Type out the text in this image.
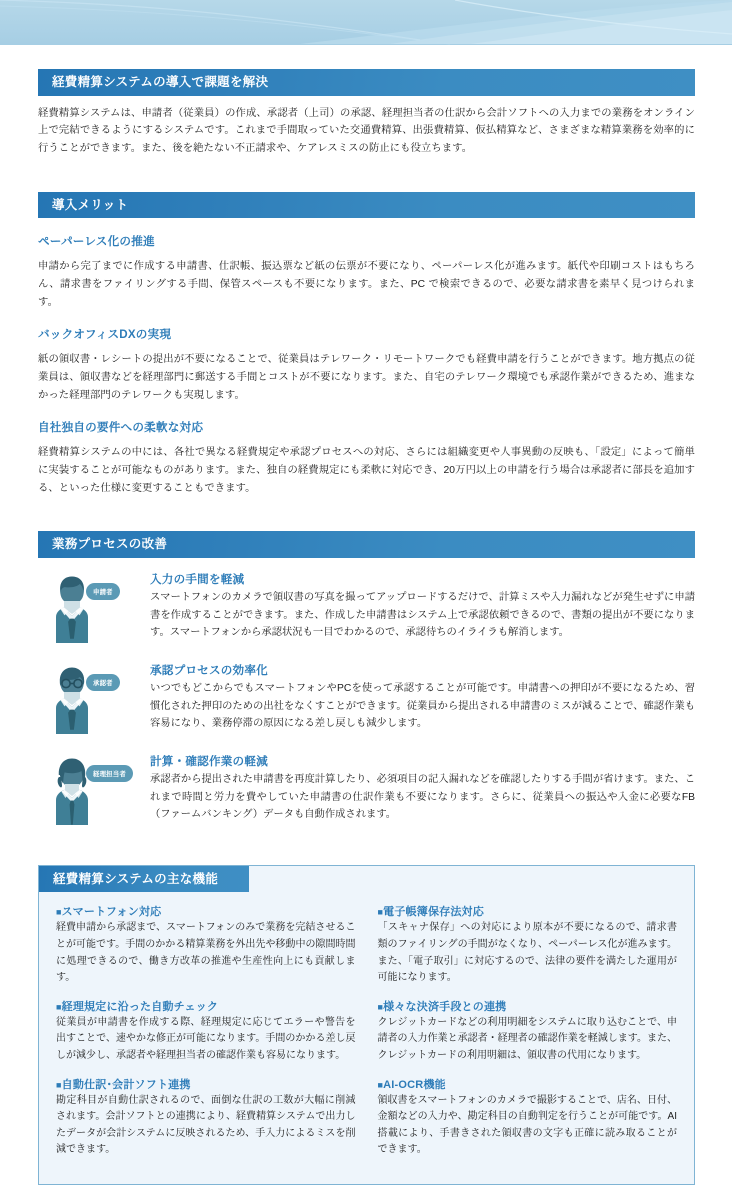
経費精算システムの導入で課題を解決

経費精算システムは、申請者（従業員）の作成、承認者（上司）の承認、経理担当者の仕訳から会計ソフトへの入力までの業務をオンライン上で完結できるようにするシステムです。これまで手間取っていた交通費精算、出張費精算、仮払精算など、さまざまな精算業務を効率的に行うことができます。また、後を絶たない不正請求や、ケアレスミスの防止にも役立ちます。

導入メリット
ペーパーレス化の推進

申請から完了までに作成する申請書、仕訳帳、振込票など紙の伝票が不要になり、ペーパーレス化が進みます。紙代や印刷コストはもちろん、請求書をファイリングする手間、保管スペースも不要になります。また、PC で検索できるので、必要な請求書を素早く見つけられます。

バックオフィスDXの実現

紙の領収書・レシートの提出が不要になることで、従業員はテレワーク・リモートワークでも経費申請を行うことができます。地方拠点の従業員は、領収書などを経理部門に郵送する手間とコストが不要になります。また、自宅のテレワーク環境でも承認作業ができるため、進まなかった経理部門のテレワークも実現します。

自社独自の要件への柔軟な対応

経費精算システムの中には、各社で異なる経費規定や承認プロセスへの対応、さらには組織変更や人事異動の反映も、「設定」によって簡単に実装することが可能なものがあります。また、独自の経費規定にも柔軟に対応でき、20万円以上の申請を行う場合は承認者に部長を追加する、といった仕様に変更することもできます。

業務プロセスの改善
申請者
入力の手間を軽減

スマートフォンのカメラで領収書の写真を撮ってアップロードするだけで、計算ミスや入力漏れなどが発生せずに申請書を作成することができます。また、作成した申請書はシステム上で承認依頼できるので、書類の提出が不要になります。スマートフォンから承認状況も一目でわかるので、承認待ちのイライラも解消します。

承認者
承認プロセスの効率化

いつでもどこからでもスマートフォンやPCを使って承認することが可能です。申請書への押印が不要になるため、習慣化された押印のための出社をなくすことができます。従業員から提出される申請書のミスが減ることで、確認作業も容易になり、業務停滞の原因になる差し戻しも減少します。

経理担当者
計算・確認作業の軽減

承認者から提出された申請書を再度計算したり、必須項目の記入漏れなどを確認したりする手間が省けます。また、これまで時間と労力を費やしていた申請書の仕訳作業も不要になります。さらに、従業員への振込や入金に必要なFB（ファームバンキング）データも自動作成されます。

経費精算システムの主な機能
■スマートフォン対応

経費申請から承認まで、スマートフォンのみで業務を完結させることが可能です。手間のかかる精算業務を外出先や移動中の隙間時間に処理できるので、働き方改革の推進や生産性向上にも貢献します。

■経理規定に沿った自動チェック

従業員が申請書を作成する際、経理規定に応じてエラーや警告を出すことで、速やかな修正が可能になります。手間のかかる差し戻しが減少し、承認者や経理担当者の確認作業も容易になります。

■自動仕訳･会計ソフト連携

勘定科目が自動仕訳されるので、面倒な仕訳の工数が大幅に削減されます。会計ソフトとの連携により、経費精算システムで出力したデータが会計システムに反映されるため、手入力によるミスを削減できます。

■電子帳簿保存法対応

「スキャナ保存」への対応により原本が不要になるので、請求書類のファイリングの手間がなくなり、ペーパーレス化が進みます。また、「電子取引」に対応するので、法律の要件を満たした運用が可能になります。

■様々な決済手段との連携

クレジットカードなどの利用明細をシステムに取り込むことで、申請者の入力作業と承認者・経理者の確認作業を軽減します。また、クレジットカードの利用明細は、領収書の代用になります。

■AI-OCR機能

領収書をスマートフォンのカメラで撮影することで、店名、日付、金額などの入力や、勘定科目の自動判定を行うことが可能です。AI搭載により、手書きされた領収書の文字も正確に読み取ることができます。
